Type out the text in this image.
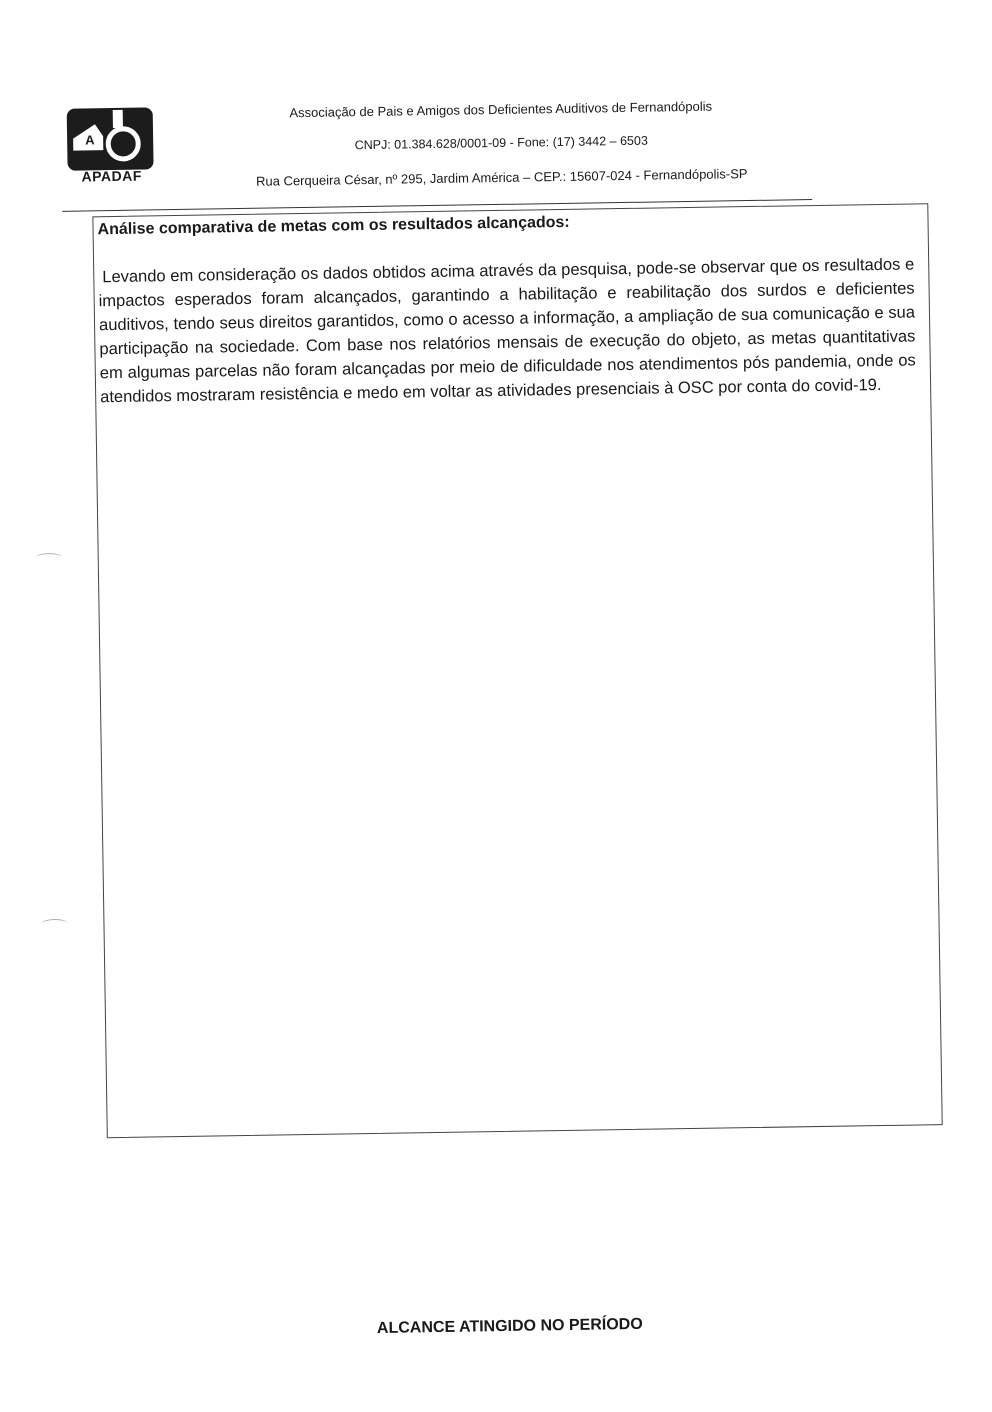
A
APADAF
Associação de Pais e Amigos dos Deficientes Auditivos de Fernandópolis
CNPJ: 01.384.628/0001-09 - Fone: (17) 3442 – 6503
Rua Cerqueira César, nº 295, Jardim América – CEP.: 15607-024 - Fernandópolis-SP
Análise comparativa de metas com os resultados alcançados:

Levando em consideração os dados obtidos acima através da pesquisa, pode-se observar que os resultados e impactos esperados foram alcançados, garantindo a habilitação e reabilitação dos surdos e deficientes auditivos, tendo seus direitos garantidos, como o acesso a informação, a ampliação de sua comunicação e sua participação na sociedade. Com base nos relatórios mensais de execução do objeto, as metas quantitativas em algumas parcelas não foram alcançadas por meio de dificuldade nos atendimentos pós pandemia, onde os atendidos mostraram resistência e medo em voltar as atividades presenciais à OSC por conta do covid-19.

ALCANCE ATINGIDO NO PERÍODO
